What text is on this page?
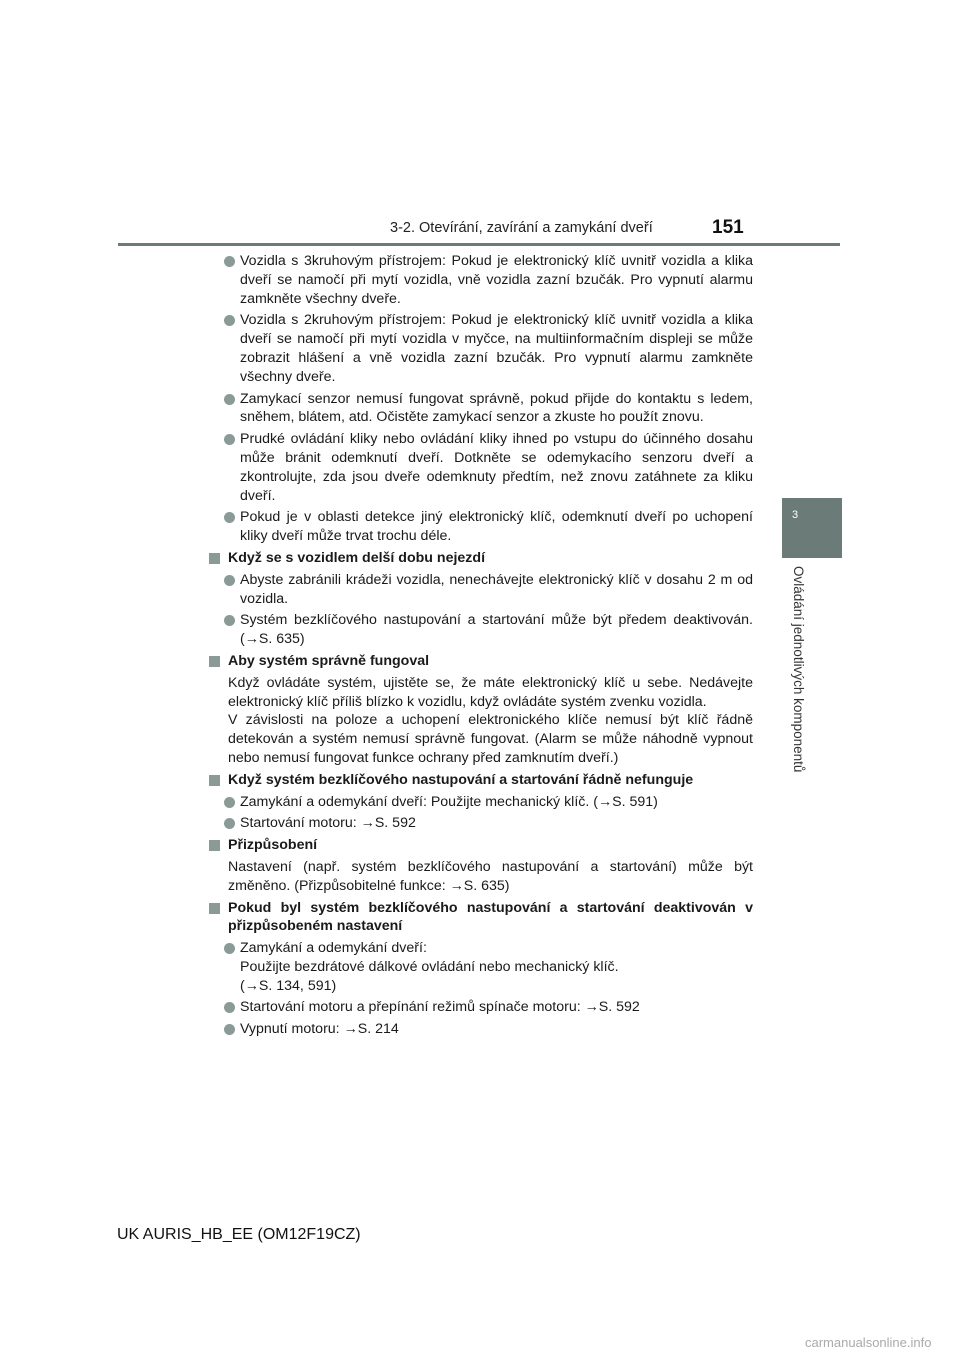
3-2. Otevírání, zavírání a zamykání dveří	151
3
Ovládání jednotlivých komponentů
Vozidla s 3kruhovým přístrojem: Pokud je elektronický klíč uvnitř vozidla a klika dveří se namočí při mytí vozidla, vně vozidla zazní bzučák. Pro vypnutí alarmu zamkněte všechny dveře.
Vozidla s 2kruhovým přístrojem: Pokud je elektronický klíč uvnitř vozidla a klika dveří se namočí při mytí vozidla v myčce, na multiinformačním displeji se může zobrazit hlášení a vně vozidla zazní bzučák. Pro vypnutí alarmu zamkněte všechny dveře.
Zamykací senzor nemusí fungovat správně, pokud přijde do kontaktu s ledem, sněhem, blátem, atd. Očistěte zamykací senzor a zkuste ho použít znovu.
Prudké ovládání kliky nebo ovládání kliky ihned po vstupu do účinného dosahu může bránit odemknutí dveří. Dotkněte se odemykacího senzoru dveří a zkontrolujte, zda jsou dveře odemknuty předtím, než znovu zatáhnete za kliku dveří.
Pokud je v oblasti detekce jiný elektronický klíč, odemknutí dveří po uchopení kliky dveří může trvat trochu déle.
Když se s vozidlem delší dobu nejezdí
Abyste zabránili krádeži vozidla, nenechávejte elektronický klíč v dosahu 2 m od vozidla.
Systém bezklíčového nastupování a startování může být předem deaktivován. (→S. 635)
Aby systém správně fungoval
Když ovládáte systém, ujistěte se, že máte elektronický klíč u sebe. Nedávejte elektronický klíč příliš blízko k vozidlu, když ovládáte systém zvenku vozidla.
V závislosti na poloze a uchopení elektronického klíče nemusí být klíč řádně detekován a systém nemusí správně fungovat. (Alarm se může náhodně vypnout nebo nemusí fungovat funkce ochrany před zamknutím dveří.)
Když systém bezklíčového nastupování a startování řádně nefunguje
Zamykání a odemykání dveří: Použijte mechanický klíč. (→S. 591)
Startování motoru: →S. 592
Přizpůsobení
Nastavení (např. systém bezklíčového nastupování a startování) může být změněno. (Přizpůsobitelné funkce: →S. 635)
Pokud byl systém bezklíčového nastupování a startování deaktivován v přizpůsobeném nastavení
Zamykání a odemykání dveří:
Použijte bezdrátové dálkové ovládání nebo mechanický klíč.
(→S. 134, 591)
Startování motoru a přepínání režimů spínače motoru: →S. 592
Vypnutí motoru: →S. 214
UK AURIS_HB_EE (OM12F19CZ)
carmanualsonline.info
